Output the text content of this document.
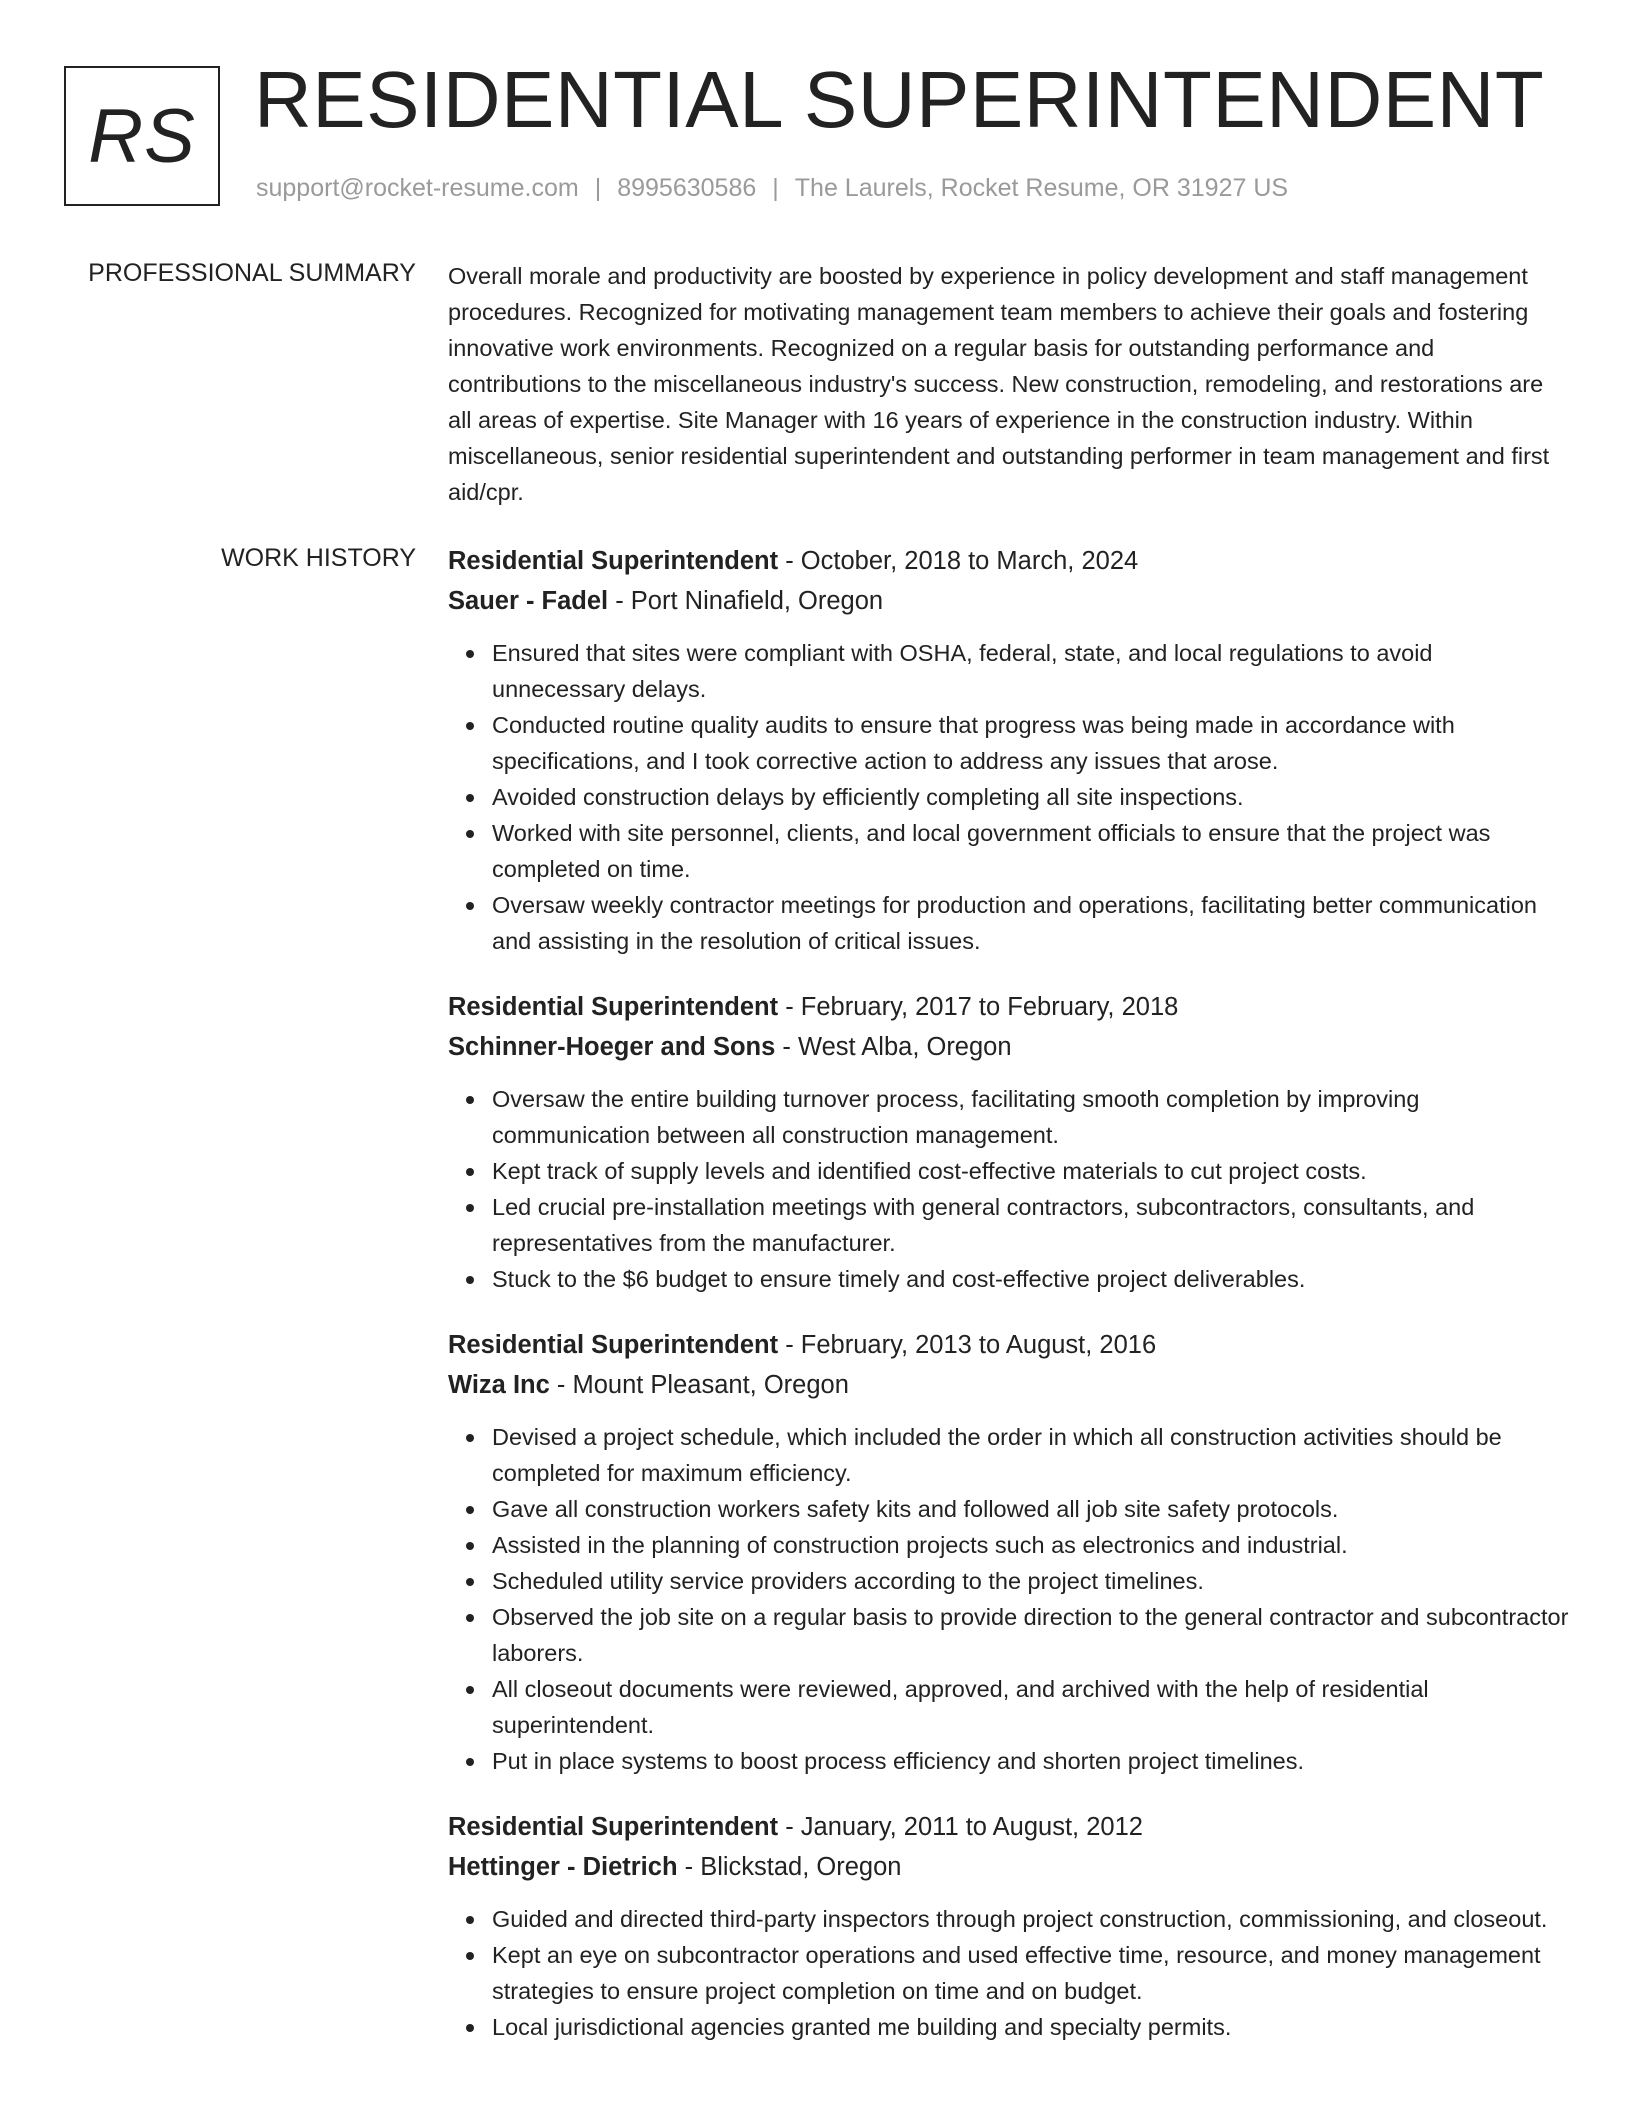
RS RESIDENTIAL SUPERINTENDENT
support@rocket-resume.com | 8995630586 | The Laurels, Rocket Resume, OR 31927 US
PROFESSIONAL SUMMARY Overall morale and productivity are boosted by experience in policy development and staff management procedures. Recognized for motivating management team members to achieve their goals and fostering innovative work environments. Recognized on a regular basis for outstanding performance and contributions to the miscellaneous industry's success. New construction, remodeling, and restorations are all areas of expertise. Site Manager with 16 years of experience in the construction industry. Within miscellaneous, senior residential superintendent and outstanding performer in team management and first aid/cpr.

WORK HISTORY Residential Superintendent - October, 2018 to March, 2024
Sauer - Fadel - Port Ninafield, Oregon
Ensured that sites were compliant with OSHA, federal, state, and local regulations to avoid unnecessary delays.
Conducted routine quality audits to ensure that progress was being made in accordance with specifications, and I took corrective action to address any issues that arose.
Avoided construction delays by efficiently completing all site inspections.
Worked with site personnel, clients, and local government officials to ensure that the project was completed on time.
Oversaw weekly contractor meetings for production and operations, facilitating better communication and assisting in the resolution of critical issues.
Residential Superintendent - February, 2017 to February, 2018
Schinner-Hoeger and Sons - West Alba, Oregon
Oversaw the entire building turnover process, facilitating smooth completion by improving communication between all construction management.
Kept track of supply levels and identified cost-effective materials to cut project costs.
Led crucial pre-installation meetings with general contractors, subcontractors, consultants, and representatives from the manufacturer.
Stuck to the $6 budget to ensure timely and cost-effective project deliverables.
Residential Superintendent - February, 2013 to August, 2016
Wiza Inc - Mount Pleasant, Oregon
Devised a project schedule, which included the order in which all construction activities should be completed for maximum efficiency.
Gave all construction workers safety kits and followed all job site safety protocols.
Assisted in the planning of construction projects such as electronics and industrial.
Scheduled utility service providers according to the project timelines.
Observed the job site on a regular basis to provide direction to the general contractor and subcontractor laborers.
All closeout documents were reviewed, approved, and archived with the help of residential superintendent.
Put in place systems to boost process efficiency and shorten project timelines.
Residential Superintendent - January, 2011 to August, 2012
Hettinger - Dietrich - Blickstad, Oregon
Guided and directed third-party inspectors through project construction, commissioning, and closeout.
Kept an eye on subcontractor operations and used effective time, resource, and money management strategies to ensure project completion on time and on budget.
Local jurisdictional agencies granted me building and specialty permits.
